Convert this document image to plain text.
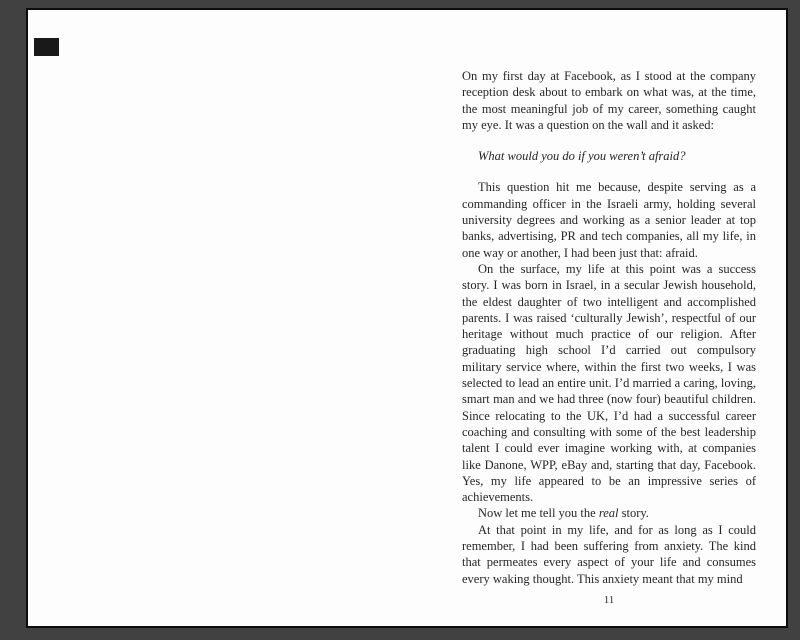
On my first day at Facebook, as I stood at the company reception desk about to embark on what was, at the time, the most meaningful job of my career, something caught my eye. It was a question on the wall and it asked:

What would you do if you weren’t afraid?

This question hit me because, despite serving as a commanding officer in the Israeli army, holding several university degrees and working as a senior leader at top banks, advertising, PR and tech companies, all my life, in one way or another, I had been just that: afraid.

On the surface, my life at this point was a success story. I was born in Israel, in a secular Jewish household, the eldest daughter of two intelligent and accomplished parents. I was raised ‘culturally Jewish’, respectful of our heritage without much practice of our religion. After graduating high school I’d carried out compulsory military service where, within the first two weeks, I was selected to lead an entire unit. I’d married a caring, loving, smart man and we had three (now four) beautiful children. Since relocating to the UK, I’d had a successful career coaching and consulting with some of the best leadership talent I could ever imagine working with, at companies like Danone, WPP, eBay and, starting that day, Facebook. Yes, my life appeared to be an impressive series of achievements.

Now let me tell you the real story.

At that point in my life, and for as long as I could remember, I had been suffering from anxiety. The kind that permeates every aspect of your life and consumes every waking thought. This anxiety meant that my mind

11
